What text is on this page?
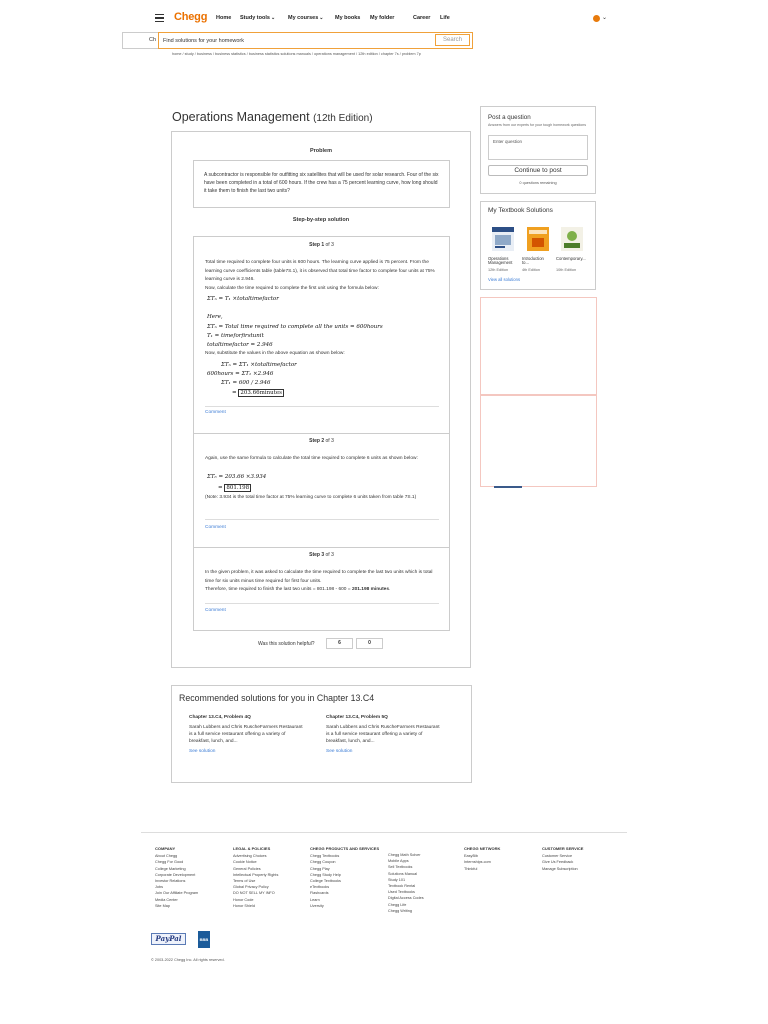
Chegg Home Study tools⌄ My courses⌄ My books My folder	Career Life	⌄
Ch
Find solutions for your homework	Search
home / study / business / business statistics / business statistics solutions manuals / operations management / 12th edition / chapter 7s / problem 7p
Operations Management (12th Edition)
Problem
A subcontractor is responsible for outfitting six satellites that will be used for solar research. Four of the six have been completed in a total of 600 hours. If the crew has a 75 percent learning curve, how long should it take them to finish the last two units?
Step-by-step solution
Step 1 of 3
Total time required to complete four units is 600 hours. The learning curve applied is 75 percent. From the learning curve coefficients table (table7S.1), it is observed that total time factor to complete four units at 75% learning curve is 2.946.
Now, calculate the time required to complete the first unit using the formula below:
ΣTₙ = T₁ ×totaltimefactor
Here,
ΣTₙ = Total time required to complete all the units = 600hours
T₁ = timeforfirstunit
totaltimefactor = 2.946
Now, substitute the values in the above equation as shown below:
ΣTₙ = ΣT₁ ×totaltimefactor
600hours = ΣT₁ ×2.946
ΣT₁ = 600 / 2.946
= 203.66minutes
Comment
Step 2 of 3
Again, use the same formula to calculate the total time required to complete 6 units as shown below:
ΣT₆ = 203.66 ×3.934
= 801.198
(Note: 3.934 is the total time factor at 75% learning curve to complete 6 units taken from table 7S.1)
Comment
Step 3 of 3
In the given problem, it was asked to calculate the time required to complete the last two units which is total time for six units minus time required for first four units.
Therefore, time required to finish the last two units = 801.198 - 600 = 201.198 minutes.
Comment
Was this solution helpful?	6	0
Recommended solutions for you in Chapter 13.C4
Chapter 13.C4, Problem 4Q
Sarah Lubbers and Chris RuscheFarmers Restaurant is a full service restaurant offering a variety of breakfast, lunch, and...
See solution
Chapter 13.C4, Problem 5Q
Sarah Lubbers and Chris RuscheFarmers Restaurant is a full service restaurant offering a variety of breakfast, lunch, and...
See solution
Post a question
Answers from our experts for your tough homework questions
Enter question
Continue to post
0 questions remaining
My Textbook Solutions
Operations Management
Introduction to...
Contemporary...
12th Edition	4th Edition	10th Edition
View all solutions
COMPANY
About Chegg
Chegg For Good
College Marketing
Corporate Development
Investor Relations
Jobs
Join Our Affiliate Program
Media Center
Site Map
LEGAL & POLICIES
Advertising Choices
Cookie Notice
General Policies
Intellectual Property Rights
Terms of Use
Global Privacy Policy
DO NOT SELL MY INFO
Honor Code
Honor Shield
CHEGG PRODUCTS AND SERVICES
Chegg Textbooks
Chegg Coupon
Chegg Play
Chegg Study Help
College Textbooks
eTextbooks
Flashcards
Learn
Uversity
Chegg Math Solver
Mobile Apps
Sell Textbooks
Solutions Manual
Study 101
Textbook Rental
Used Textbooks
Digital Access Codes
Chegg Life
Chegg Writing
CHEGG NETWORK
EasyBib
Internships.com
Thinkful
CUSTOMER SERVICE
Customer Service
Give Us Feedback
Manage Subscription
PayPal	BBB
© 2003-2022 Chegg Inc. All rights reserved.
